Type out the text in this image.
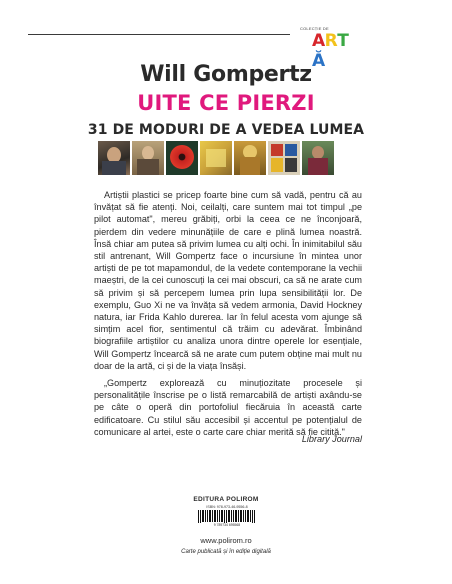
COLECȚIE DE
ARTĂ
Will Gompertz
UITE CE PIERZI
31 DE MODURI DE A VEDEA LUMEA

Artiștii plastici se pricep foarte bine cum să vadă, pentru că au învățat să fie atenți. Noi, ceilalți, care suntem mai tot timpul „pe pilot automat", mereu grăbiți, orbi la ceea ce ne înconjoară, pierdem din vedere minunățiile de care e plină lumea noastră. Însă chiar am putea să privim lumea cu alți ochi. În inimitabilul său stil antrenant, Will Gompertz face o incursiune în mintea unor artiști de pe tot mapamondul, de la vedete contemporane la vechii maeștri, de la cei cunoscuți la cei mai obscuri, ca să ne arate cum să privim și să percepem lumea prin lupa sensibilității lor. De exemplu, Guo Xi ne va învăța să vedem armonia, David Hockney natura, iar Frida Kahlo durerea. Iar în felul acesta vom ajunge să simțim acel fior, sentimentul că trăim cu adevărat. Îmbinând biografiile artiștilor cu analiza unora dintre operele lor esențiale, Will Gompertz încearcă să ne arate cum putem obține mai mult nu doar de la artă, ci și de la viața însăși.

„Gompertz explorează cu minuțiozitate procesele și personalitățile înscrise pe o listă remarcabilă de artiști axându-se pe câte o operă din portofoliul fiecăruia în această carte edificatoare. Cu stilul său accesibil și accentul pe potențialul de comunicare al artei, este o carte care chiar merită să fie citită."

Library Journal
EDITURA POLIROM
ISBN: 978-973-46-9556-8
9 789734 695568
www.polirom.ro
Carte publicată și în ediție digitală
